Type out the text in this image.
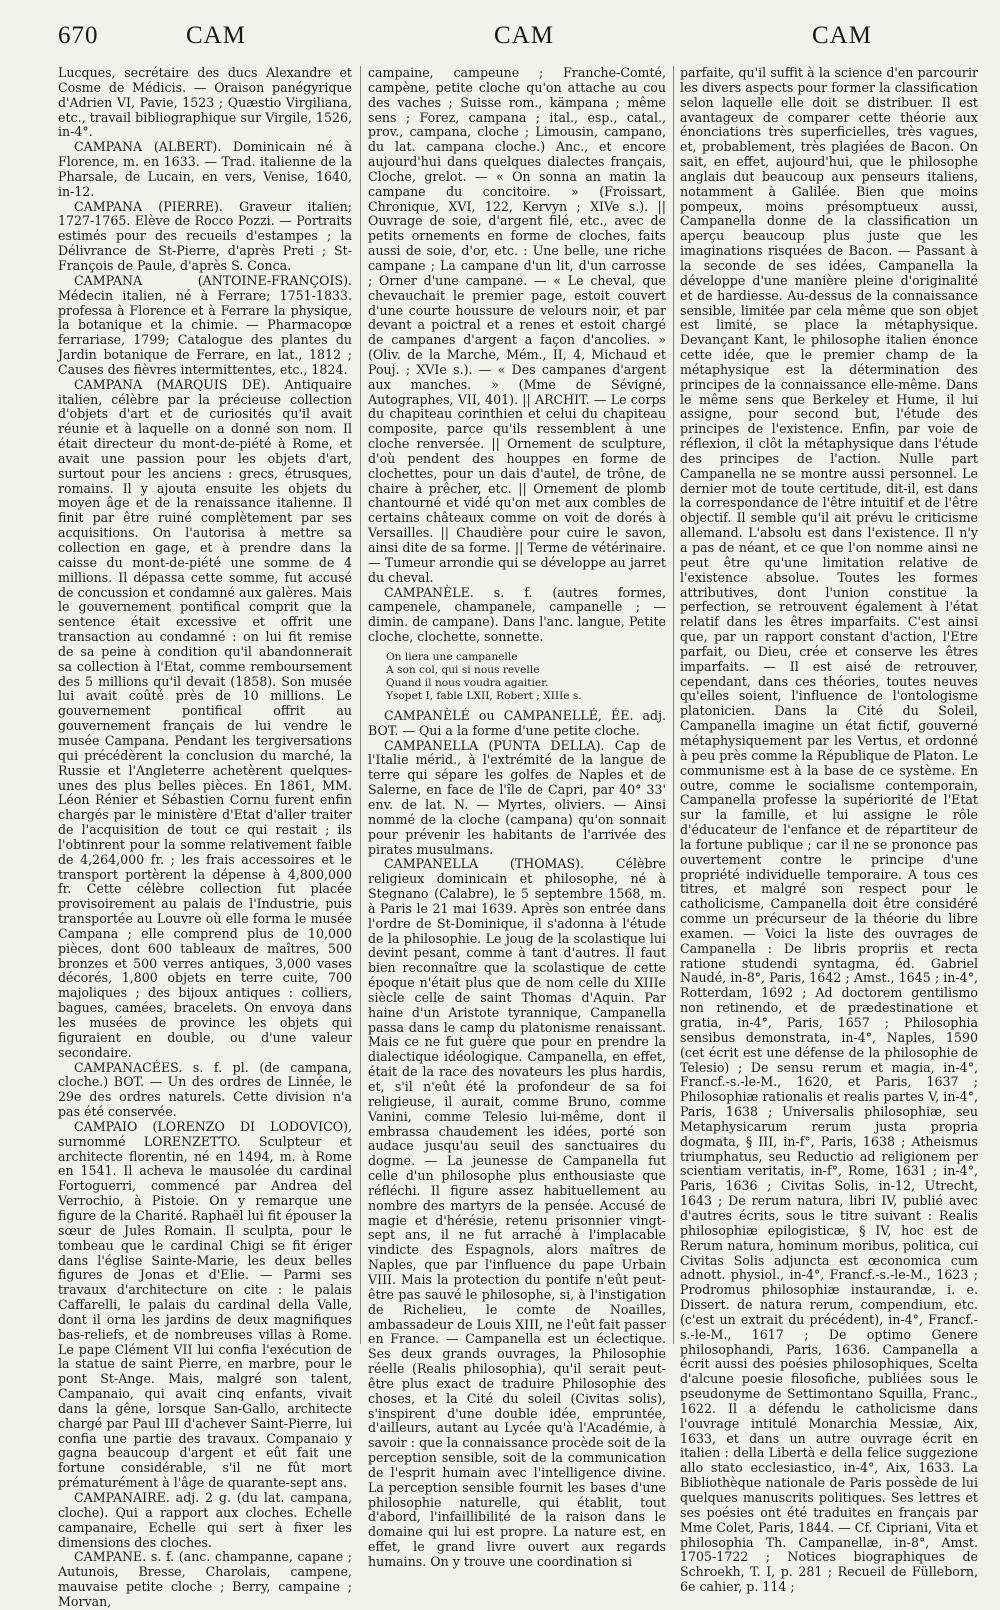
670	CAM	CAM	CAM

Lucques, secrétaire des ducs Alexandre et Cosme de Médicis. — Oraison panégyrique d'Adrien VI, Pavie, 1523 ; Quæstio Virgiliana, etc., travail bibliographique sur Virgile, 1526, in-4°.

CAMPANA (ALBERT). Dominicain né à Florence, m. en 1633. — Trad. italienne de la Pharsale, de Lucain, en vers, Venise, 1640, in-12.

CAMPANA (PIERRE). Graveur italien; 1727-1765. Elève de Rocco Pozzi. — Portraits estimés pour des recueils d'estampes ; la Délivrance de St-Pierre, d'après Preti ; St-François de Paule, d'après S. Conca.

CAMPANA (ANTOINE-FRANÇOIS). Médecin italien, né à Ferrare; 1751-1833. professa à Florence et à Ferrare la physique, la botanique et la chimie. — Pharmacopœ ferrariase, 1799; Catalogue des plantes du Jardin botanique de Ferrare, en lat., 1812 ; Causes des fièvres intermittentes, etc., 1824.

CAMPANA (MARQUIS DE). Antiquaire italien, célèbre par la précieuse collection d'objets d'art et de curiosités qu'il avait réunie et à laquelle on a donné son nom. Il était directeur du mont-de-piété à Rome, et avait une passion pour les objets d'art, surtout pour les anciens : grecs, étrusques, romains. Il y ajouta ensuite les objets du moyen âge et de la renaissance italienne. Il finit par être ruiné complètement par ses acquisitions. On l'autorisa à mettre sa collection en gage, et à prendre dans la caisse du mont-de-piété une somme de 4 millions. Il dépassa cette somme, fut accusé de concussion et condamné aux galères. Mais le gouvernement pontifical comprit que la sentence était excessive et offrit une transaction au condamné : on lui fit remise de sa peine à condition qu'il abandonnerait sa collection à l'Etat, comme remboursement des 5 millions qu'il devait (1858). Son musée lui avait coûté près de 10 millions. Le gouvernement pontifical offrit au gouvernement français de lui vendre le musée Campana. Pendant les tergiversations qui précédèrent la conclusion du marché, la Russie et l'Angleterre achetèrent quelques-unes des plus belles pièces. En 1861, MM. Léon Rénier et Sébastien Cornu furent enfin chargés par le ministère d'Etat d'aller traiter de l'acquisition de tout ce qui restait ; ils l'obtinrent pour la somme relativement faible de 4,264,000 fr. ; les frais accessoires et le transport portèrent la dépense à 4,800,000 fr. Cette célèbre collection fut placée provisoirement au palais de l'Industrie, puis transportée au Louvre où elle forma le musée Campana ; elle comprend plus de 10,000 pièces, dont 600 tableaux de maîtres, 500 bronzes et 500 verres antiques, 3,000 vases décorés, 1,800 objets en terre cuite, 700 majoliques ; des bijoux antiques : colliers, bagues, camées, bracelets. On envoya dans les musées de province les objets qui figuraient en double, ou d'une valeur secondaire.

CAMPANACÉES. s. f. pl. (de campana, cloche.) BOT. — Un des ordres de Linnée, le 29e des ordres naturels. Cette division n'a pas été conservée.

CAMPAIO (LORENZO DI LODOVICO), surnommé LORENZETTO. Sculpteur et architecte florentin, né en 1494, m. à Rome en 1541. Il acheva le mausolée du cardinal Fortoguerri, commencé par Andrea del Verrochio, à Pistoie. On y remarque une figure de la Charité. Raphaël lui fit épouser la sœur de Jules Romain. Il sculpta, pour le tombeau que le cardinal Chigi se fit ériger dans l'église Sainte-Marie, les deux belles figures de Jonas et d'Elie. — Parmi ses travaux d'architecture on cite : le palais Caffarelli, le palais du cardinal della Valle, dont il orna les jardins de deux magnifiques bas-reliefs, et de nombreuses villas à Rome. Le pape Clément VII lui confia l'exécution de la statue de saint Pierre, en marbre, pour le pont St-Ange. Mais, malgré son talent, Campanaio, qui avait cinq enfants, vivait dans la gêne, lorsque San-Gallo, architecte chargé par Paul III d'achever Saint-Pierre, lui confia une partie des travaux. Companaio y gagna beaucoup d'argent et eût fait une fortune considérable, s'il ne fût mort prématurément à l'âge de quarante-sept ans.

CAMPANAIRE. adj. 2 g. (du lat. campana, cloche). Qui a rapport aux cloches. Echelle campanaire, Echelle qui sert à fixer les dimensions des cloches.

CAMPANE. s. f. (anc. champanne, capane ; Autunois, Bresse, Charolais, campene, mauvaise petite cloche ; Berry, campaine ; Morvan,

campaine, campeune ; Franche-Comté, campène, petite cloche qu'on attache au cou des vaches ; Suisse rom., kämpana ; même sens ; Forez, campana ; ital., esp., catal., prov., campana, cloche ; Limousin, campano, du lat. campana cloche.) Anc., et encore aujourd'hui dans quelques dialectes français, Cloche, grelot. — « On sonna an matin la campane du concitoire. » (Froissart, Chronique, XVI, 122, Kervyn ; XIVe s.). || Ouvrage de soie, d'argent filé, etc., avec de petits ornements en forme de cloches, faits aussi de soie, d'or, etc. : Une belle, une riche campane ; La campane d'un lit, d'un carrosse ; Orner d'une campane. — « Le cheval, que chevauchait le premier page, estoit couvert d'une courte houssure de velours noir, et par devant a poictral et a renes et estoit chargé de campanes d'argent a façon d'ancolies. » (Oliv. de la Marche, Mém., II, 4, Michaud et Pouj. ; XVIe s.). — « Des campanes d'argent aux manches. » (Mme de Sévigné, Autographes, VII, 401). || ARCHIT. — Le corps du chapiteau corinthien et celui du chapiteau composite, parce qu'ils ressemblent à une cloche renversée. || Ornement de sculpture, d'où pendent des houppes en forme de clochettes, pour un dais d'autel, de trône, de chaire à prêcher, etc. || Ornement de plomb chantourné et vidé qu'on met aux combles de certains châteaux comme on voit de dorés à Versailles. || Chaudière pour cuire le savon, ainsi dite de sa forme. || Terme de vétérinaire. — Tumeur arrondie qui se développe au jarret du cheval.

CAMPANÈLE. s. f. (autres formes, campenele, champanele, campanelle ; — dimin. de campane). Dans l'anc. langue, Petite cloche, clochette, sonnette.

On liera une campanelle
A son col, qui si nous revelle
Quand il nous voudra agaitier.
Ysopet I, fable LXII, Robert ; XIIIe s.

CAMPANÈLÉ ou CAMPANELLÉ, ÉE. adj. BOT. — Qui a la forme d'une petite cloche.

CAMPANELLA (PUNTA DELLA). Cap de l'Italie mérid., à l'extrémité de la langue de terre qui sépare les golfes de Naples et de Salerne, en face de l'île de Capri, par 40° 33' env. de lat. N. — Myrtes, oliviers. — Ainsi nommé de la cloche (campana) qu'on sonnait pour prévenir les habitants de l'arrivée des pirates musulmans.

CAMPANELLA (THOMAS). Célèbre religieux dominicain et philosophe, né à Stegnano (Calabre), le 5 septembre 1568, m. à Paris le 21 mai 1639. Après son entrée dans l'ordre de St-Dominique, il s'adonna à l'étude de la philosophie. Le joug de la scolastique lui devint pesant, comme à tant d'autres. Il faut bien reconnaître que la scolastique de cette époque n'était plus que de nom celle du XIIIe siècle celle de saint Thomas d'Aquin. Par haine d'un Aristote tyrannique, Campanella passa dans le camp du platonisme renaissant. Mais ce ne fut guère que pour en prendre la dialectique idéologique. Campanella, en effet, était de la race des novateurs les plus hardis, et, s'il n'eût été la profondeur de sa foi religieuse, il aurait, comme Bruno, comme Vanini, comme Telesio lui-même, dont il embrassa chaudement les idées, porté son audace jusqu'au seuil des sanctuaires du dogme. — La jeunesse de Campanella fut celle d'un philosophe plus enthousiaste que réfléchi. Il figure assez habituellement au nombre des martyrs de la pensée. Accusé de magie et d'hérésie, retenu prisonnier vingt-sept ans, il ne fut arraché à l'implacable vindicte des Espagnols, alors maîtres de Naples, que par l'influence du pape Urbain VIII. Mais la protection du pontife n'eût peut-être pas sauvé le philosophe, si, à l'instigation de Richelieu, le comte de Noailles, ambassadeur de Louis XIII, ne l'eût fait passer en France. — Campanella est un éclectique. Ses deux grands ouvrages, la Philosophie réelle (Realis philosophia), qu'il serait peut-être plus exact de traduire Philosophie des choses, et la Cité du soleil (Civitas solis), s'inspirent d'une double idée, empruntée, d'ailleurs, autant au Lycée qu'à l'Académie, à savoir : que la connaissance procède soit de la perception sensible, soit de la communication de l'esprit humain avec l'intelligence divine. La perception sensible fournit les bases d'une philosophie naturelle, qui établit, tout d'abord, l'infaillibilité de la raison dans le domaine qui lui est propre. La nature est, en effet, le grand livre ouvert aux regards humains. On y trouve une coordination si

parfaite, qu'il suffit à la science d'en parcourir les divers aspects pour former la classification selon laquelle elle doit se distribuer. Il est avantageux de comparer cette théorie aux énonciations très superficielles, très vagues, et, probablement, très plagiées de Bacon. On sait, en effet, aujourd'hui, que le philosophe anglais dut beaucoup aux penseurs italiens, notamment à Galilée. Bien que moins pompeux, moins présomptueux aussi, Campanella donne de la classification un aperçu beaucoup plus juste que les imaginations risquées de Bacon. — Passant à la seconde de ses idées, Campanella la développe d'une manière pleine d'originalité et de hardiesse. Au-dessus de la connaissance sensible, limitée par cela même que son objet est limité, se place la métaphysique. Devançant Kant, le philosophe italien énonce cette idée, que le premier champ de la métaphysique est la détermination des principes de la connaissance elle-même. Dans le même sens que Berkeley et Hume, il lui assigne, pour second but, l'étude des principes de l'existence. Enfin, par voie de réflexion, il clôt la métaphysique dans l'étude des principes de l'action. Nulle part Campanella ne se montre aussi personnel. Le dernier mot de toute certitude, dit-il, est dans la correspondance de l'être intuitif et de l'être objectif. Il semble qu'il ait prévu le criticisme allemand. L'absolu est dans l'existence. Il n'y a pas de néant, et ce que l'on nomme ainsi ne peut être qu'une limitation relative de l'existence absolue. Toutes les formes attributives, dont l'union constitue la perfection, se retrouvent également à l'état relatif dans les êtres imparfaits. C'est ainsi que, par un rapport constant d'action, l'Etre parfait, ou Dieu, crée et conserve les êtres imparfaits. — Il est aisé de retrouver, cependant, dans ces théories, toutes neuves qu'elles soient, l'influence de l'ontologisme platonicien. Dans la Cité du Soleil, Campanella imagine un état fictif, gouverné métaphysiquement par les Vertus, et ordonné à peu près comme la République de Platon. Le communisme est à la base de ce système. En outre, comme le socialisme contemporain, Campanella professe la supériorité de l'Etat sur la famille, et lui assigne le rôle d'éducateur de l'enfance et de répartiteur de la fortune publique ; car il ne se prononce pas ouvertement contre le principe d'une propriété individuelle temporaire. A tous ces titres, et malgré son respect pour le catholicisme, Campanella doit être considéré comme un précurseur de la théorie du libre examen. — Voici la liste des ouvrages de Campanella : De libris propriis et recta ratione studendi syntagma, éd. Gabriel Naudé, in-8°, Paris, 1642 ; Amst., 1645 ; in-4°, Rotterdam, 1692 ; Ad doctorem gentilismo non retinendo, et de prædestinatione et gratia, in-4°, Paris, 1657 ; Philosophia sensibus demonstrata, in-4°, Naples, 1590 (cet écrit est une défense de la philosophie de Telesio) ; De sensu rerum et magia, in-4°, Francf.-s.-le-M., 1620, et Paris, 1637 ; Philosophiæ rationalis et realis partes V, in-4°, Paris, 1638 ; Universalis philosophiæ, seu Metaphysicarum rerum justa propria dogmata, § III, in-f°, Paris, 1638 ; Atheismus triumphatus, seu Reductio ad religionem per scientiam veritatis, in-f°, Rome, 1631 ; in-4°, Paris, 1636 ; Civitas Solis, in-12, Utrecht, 1643 ; De rerum natura, libri IV, publié avec d'autres écrits, sous le titre suivant : Realis philosophiæ epilogisticæ, § IV, hoc est de Rerum natura, hominum moribus, politica, cui Civitas Solis adjuncta est œconomica cum adnott. physiol., in-4°, Francf.-s.-le-M., 1623 ; Prodromus philosophiæ instaurandæ, i. e. Dissert. de natura rerum, compendium, etc. (c'est un extrait du précédent), in-4°, Francf.-s.-le-M., 1617 ; De optimo Genere philosophandi, Paris, 1636. Campanella a écrit aussi des poésies philosophiques, Scelta d'alcune poesie filosofiche, publiées sous le pseudonyme de Settimontano Squilla, Franc., 1622. Il a défendu le catholicisme dans l'ouvrage intitulé Monarchia Messiæ, Aix, 1633, et dans un autre ouvrage écrit en italien : della Libertà e della felice suggezione allo stato ecclesiastico, in-4°, Aix, 1633. La Bibliothèque nationale de Paris possède de lui quelques manuscrits politiques. Ses lettres et ses poésies ont été traduites en français par Mme Colet, Paris, 1844. — Cf. Cipriani, Vita et philosophia Th. Campanellæ, in-8°, Amst. 1705-1722 ; Notices biographiques de Schroekh, T. I, p. 281 ; Recueil de Fülleborn, 6e cahier, p. 114 ;
